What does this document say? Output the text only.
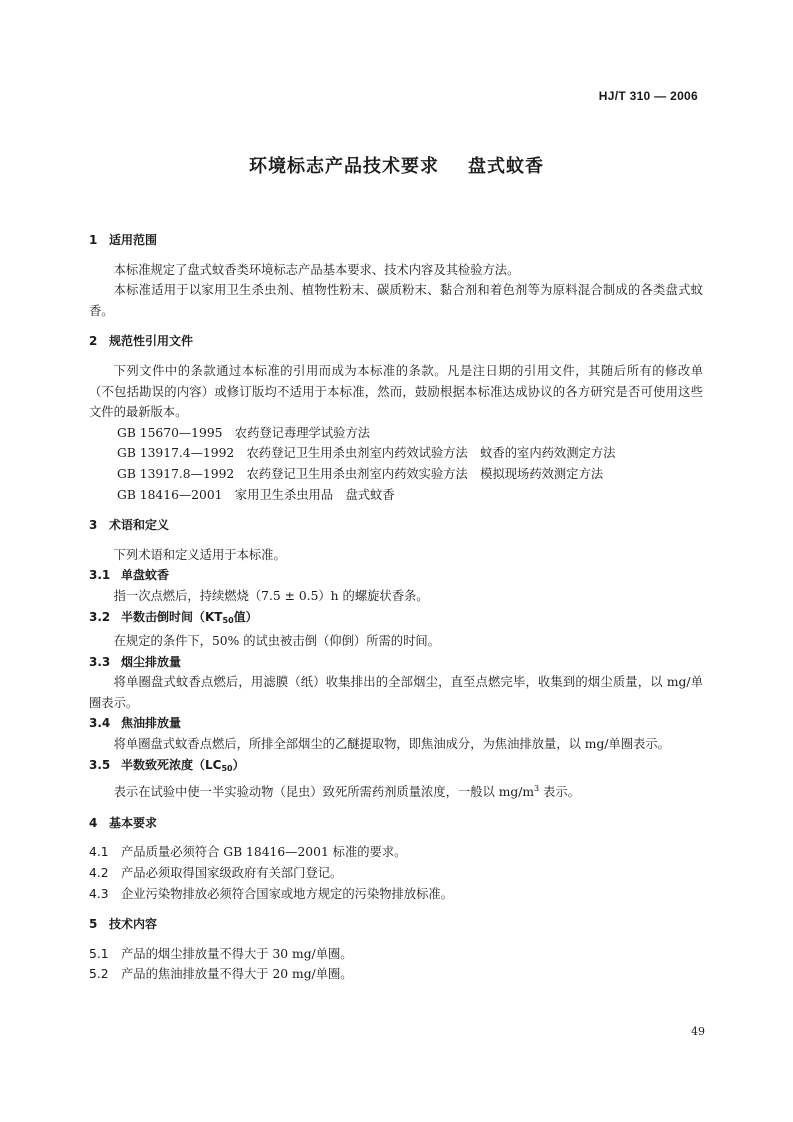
HJ/T 310 — 2006
环境标志产品技术要求    盘式蚊香
1 适用范围

本标准规定了盘式蚊香类环境标志产品基本要求、技术内容及其检验方法。

本标准适用于以家用卫生杀虫剂、植物性粉末、碳质粉末、黏合剂和着色剂等为原料混合制成的各类盘式蚊香。

2 规范性引用文件

下列文件中的条款通过本标准的引用而成为本标准的条款。凡是注日期的引用文件，其随后所有的修改单（不包括勘误的内容）或修订版均不适用于本标准，然而，鼓励根据本标准达成协议的各方研究是否可使用这些文件的最新版本。

GB 15670—1995　农药登记毒理学试验方法

GB 13917.4—1992　农药登记卫生用杀虫剂室内药效试验方法　蚊香的室内药效测定方法

GB 13917.8—1992　农药登记卫生用杀虫剂室内药效实验方法　模拟现场药效测定方法

GB 18416—2001　家用卫生杀虫用品　盘式蚊香

3 术语和定义

下列术语和定义适用于本标准。

3.1 单盘蚊香

指一次点燃后，持续燃烧（7.5 ± 0.5）h 的螺旋状香条。

3.2 半数击倒时间（$KT_{50}$值）

在规定的条件下，50% 的试虫被击倒（仰倒）所需的时间。

3.3 烟尘排放量

将单圈盘式蚊香点燃后，用滤膜（纸）收集排出的全部烟尘，直至点燃完毕，收集到的烟尘质量，以 mg/单圈表示。

3.4 焦油排放量

将单圈盘式蚊香点燃后，所排全部烟尘的乙醚提取物，即焦油成分，为焦油排放量，以 mg/单圈表示。

3.5 半数致死浓度$(LC_{50})$

表示在试验中使一半实验动物（昆虫）致死所需药剂质量浓度，一般以 $mg/m^3$ 表示。

4 基本要求

4.1 产品质量必须符合 GB 18416—2001 标准的要求。

4.2 产品必须取得国家级政府有关部门登记。

4.3 企业污染物排放必须符合国家或地方规定的污染物排放标准。

5 技术内容

5.1 产品的烟尘排放量不得大于 30 mg/单圈。

5.2 产品的焦油排放量不得大于 20 mg/单圈。

49
